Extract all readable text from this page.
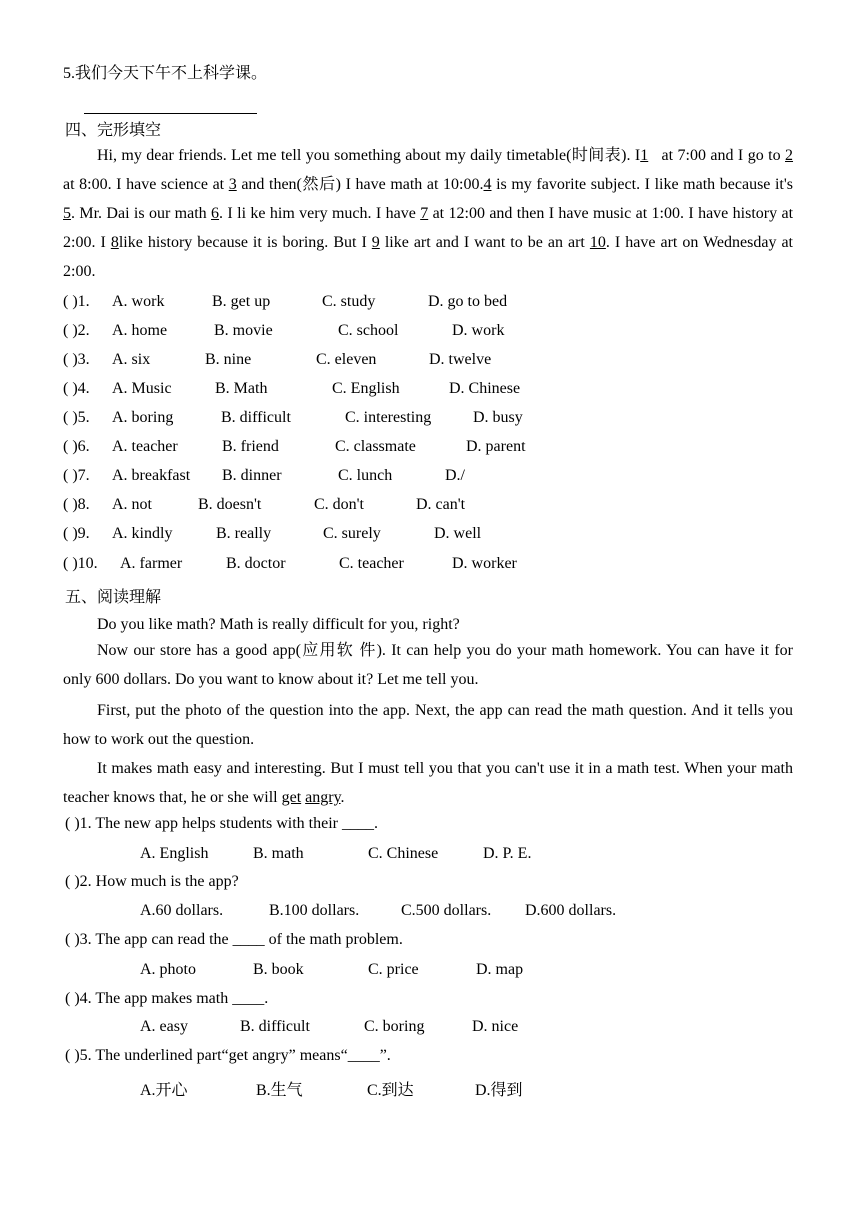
5.我们今天下午不上科学课。
四、完形填空
Hi, my dear friends. Let me tell you something about my daily timetable(时间表). I1   at 7:00 and I go to 2 at 8:00. I have science at 3 and then(然后) I have math at 10:00.4 is my favorite subject. I like math because it's 5. Mr. Dai is our math 6. I li ke him very much. I have 7 at 12:00 and then I have music at 1:00. I have history at 2:00. I 8like history because it is boring. But I 9 like art and I want to be an art 10. I have art on Wednesday at 2:00.
( )1. A. work	B. get up	C. study	D. go to bed
( )2. A. home	B. movie	C. school	D. work
( )3. A. six	B. nine	C. eleven	D. twelve
( )4. A. Music	B. Math	C. English	D. Chinese
( )5. A. boring	B. difficult	C. interesting	D. busy
( )6. A. teacher	B. friend	C. classmate	D. parent
( )7. A. breakfast B. dinner	C. lunch	D./
( )8. A. not	B. doesn't	C. don't	D. can't
( )9. A. kindly	B. really	C. surely	D. well
( )10. A. farmer	B. doctor	C. teacher	D. worker
五、阅读理解
Do you like math? Math is really difficult for you, right?
Now our store has a good app(应用软 件). It can help you do your math homework. You can have it for only 600 dollars. Do you want to know about it? Let me tell you.
First, put the photo of the question into the app. Next, the app can read the math question. And it tells you how to work out the question.
It makes math easy and interesting. But I must tell you that you can't use it in a math test. When your math teacher knows that, he or she will get angry.
( )1. The new app helps students with their ____.
A. English	B. math	C. Chinese	D. P. E.
( )2. How much is the app?
A.60 dollars.	B.100 dollars.	C.500 dollars. D.600 dollars.
( )3. The app can read the ____ of the math problem.
A. photo	B. book	C. price	D. map
( )4. The app makes math ____.
A. easy	B. difficult	C. boring	D. nice
( )5. The underlined part“get angry” means“____”.
A.开心	B.生气	C.到达	D.得到
